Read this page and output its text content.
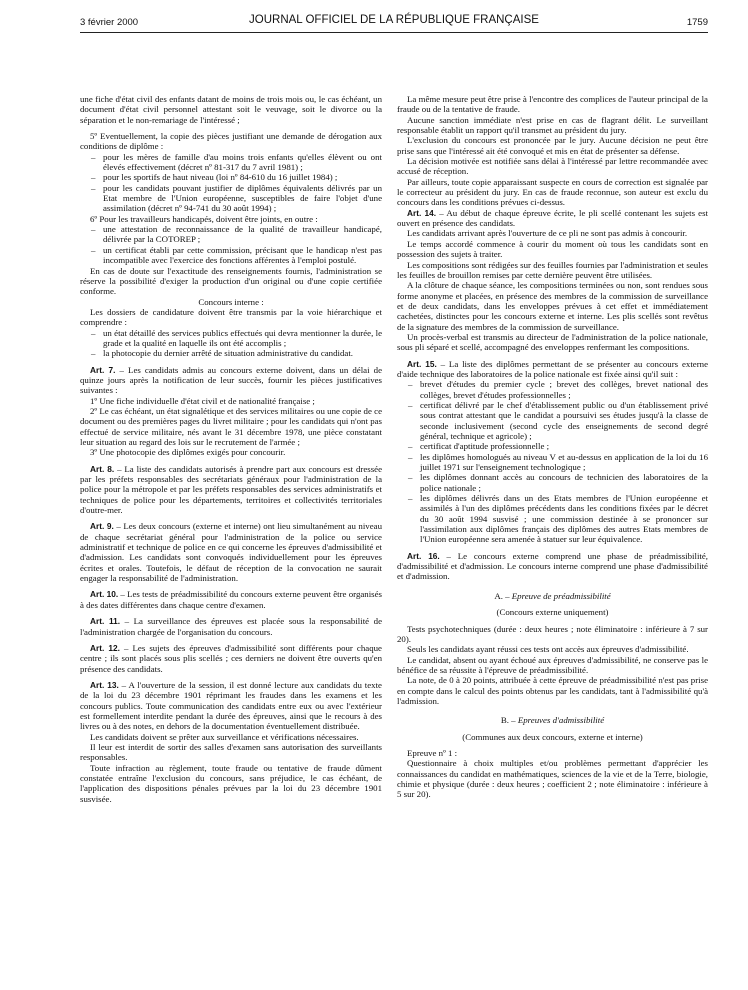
3 février 2000	JOURNAL OFFICIEL DE LA RÉPUBLIQUE FRANÇAISE	1759

une fiche d'état civil des enfants datant de moins de trois mois ou, le cas échéant, un document d'état civil personnel attestant soit le veuvage, soit le divorce ou la séparation et le non-remariage de l'intéressé ;

5º Eventuellement, la copie des pièces justifiant une demande de dérogation aux conditions de diplôme :

– pour les mères de famille d'au moins trois enfants qu'elles élèvent ou ont élevés effectivement (décret nº 81-317 du 7 avril 1981) ;

– pour les sportifs de haut niveau (loi nº 84-610 du 16 juillet 1984) ;

– pour les candidats pouvant justifier de diplômes équivalents délivrés par un Etat membre de l'Union européenne, susceptibles de faire l'objet d'une assimilation (décret nº 94-741 du 30 août 1994) ;

6º Pour les travailleurs handicapés, doivent être joints, en outre :

– une attestation de reconnaissance de la qualité de travailleur handicapé, délivrée par la COTOREP ;

– un certificat établi par cette commission, précisant que le handicap n'est pas incompatible avec l'exercice des fonctions afférentes à l'emploi postulé.

En cas de doute sur l'exactitude des renseignements fournis, l'administration se réserve la possibilité d'exiger la production d'un original ou d'une copie certifiée conforme.

Concours interne :

Les dossiers de candidature doivent être transmis par la voie hiérarchique et comprendre :

– un état détaillé des services publics effectués qui devra mentionner la durée, le grade et la qualité en laquelle ils ont été accomplis ;

– la photocopie du dernier arrêté de situation administrative du candidat.

Art. 7. – Les candidats admis au concours externe doivent, dans un délai de quinze jours après la notification de leur succès, fournir les pièces justificatives suivantes :

1º Une fiche individuelle d'état civil et de nationalité française ;

2º Le cas échéant, un état signalétique et des services militaires ou une copie de ce document ou des premières pages du livret militaire ; pour les candidats qui n'ont pas effectué de service militaire, nés avant le 31 décembre 1978, une pièce constatant leur situation au regard des lois sur le recrutement de l'armée ;

3º Une photocopie des diplômes exigés pour concourir.

Art. 8. – La liste des candidats autorisés à prendre part aux concours est dressée par les préfets responsables des secrétariats généraux pour l'administration de la police pour la métropole et par les préfets responsables des services administratifs et techniques de police pour les départements, territoires et collectivités territoriales d'outre-mer.

Art. 9. – Les deux concours (externe et interne) ont lieu simultanément au niveau de chaque secrétariat général pour l'administration de la police ou service administratif et technique de police en ce qui concerne les épreuves d'admissibilité et d'admission. Les candidats sont convoqués individuellement pour les épreuves écrites et orales. Toutefois, le défaut de réception de la convocation ne saurait engager la responsabilité de l'administration.

Art. 10. – Les tests de préadmissibilité du concours externe peuvent être organisés à des dates différentes dans chaque centre d'examen.

Art. 11. – La surveillance des épreuves est placée sous la responsabilité de l'administration chargée de l'organisation du concours.

Art. 12. – Les sujets des épreuves d'admissibilité sont différents pour chaque centre ; ils sont placés sous plis scellés ; ces derniers ne doivent être ouverts qu'en présence des candidats.

Art. 13. – A l'ouverture de la session, il est donné lecture aux candidats du texte de la loi du 23 décembre 1901 réprimant les fraudes dans les examens et les concours publics. Toute communication des candidats entre eux ou avec l'extérieur est formellement interdite pendant la durée des épreuves, ainsi que le recours à des livres ou à des notes, en dehors de la documentation éventuellement distribuée.

Les candidats doivent se prêter aux surveillance et vérifications nécessaires.

Il leur est interdit de sortir des salles d'examen sans autorisation des surveillants responsables.

Toute infraction au règlement, toute fraude ou tentative de fraude dûment constatée entraîne l'exclusion du concours, sans préjudice, le cas échéant, de l'application des dispositions pénales prévues par la loi du 23 décembre 1901 susvisée.

La même mesure peut être prise à l'encontre des complices de l'auteur principal de la fraude ou de la tentative de fraude.

Aucune sanction immédiate n'est prise en cas de flagrant délit. Le surveillant responsable établit un rapport qu'il transmet au président du jury.

L'exclusion du concours est prononcée par le jury. Aucune décision ne peut être prise sans que l'intéressé ait été convoqué et mis en état de présenter sa défense.

La décision motivée est notifiée sans délai à l'intéressé par lettre recommandée avec accusé de réception.

Par ailleurs, toute copie apparaissant suspecte en cours de correction est signalée par le correcteur au président du jury. En cas de fraude reconnue, son auteur est exclu du concours dans les conditions prévues ci-dessus.

Art. 14. – Au début de chaque épreuve écrite, le pli scellé contenant les sujets est ouvert en présence des candidats.

Les candidats arrivant après l'ouverture de ce pli ne sont pas admis à concourir.

Le temps accordé commence à courir du moment où tous les candidats sont en possession des sujets à traiter.

Les compositions sont rédigées sur des feuilles fournies par l'administration et seules les feuilles de brouillon remises par cette dernière peuvent être utilisées.

A la clôture de chaque séance, les compositions terminées ou non, sont rendues sous forme anonyme et placées, en présence des membres de la commission de surveillance et de deux candidats, dans les enveloppes prévues à cet effet et immédiatement cachetées, distinctes pour les concours externe et interne. Les plis scellés sont revêtus de la signature des membres de la commission de surveillance.

Un procès-verbal est transmis au directeur de l'administration de la police nationale, sous pli séparé et scellé, accompagné des enveloppes renfermant les compositions.

Art. 15. – La liste des diplômes permettant de se présenter au concours externe d'aide technique des laboratoires de la police nationale est fixée ainsi qu'il suit :

– brevet d'études du premier cycle ; brevet des collèges, brevet national des collèges, brevet d'études professionnelles ;

– certificat délivré par le chef d'établissement public ou d'un établissement privé sous contrat attestant que le candidat a poursuivi ses études jusqu'à la classe de seconde inclusivement (second cycle des enseignements de second degré général, technique et agricole) ;

– certificat d'aptitude professionnelle ;

– les diplômes homologués au niveau V et au-dessus en application de la loi du 16 juillet 1971 sur l'enseignement technologique ;

– les diplômes donnant accès au concours de technicien des laboratoires de la police nationale ;

– les diplômes délivrés dans un des Etats membres de l'Union européenne et assimilés à l'un des diplômes précédents dans les conditions fixées par le décret du 30 août 1994 susvisé ; une commission destinée à se prononcer sur l'assimilation aux diplômes français des diplômes des autres Etats membres de l'Union européenne sera amenée à statuer sur leur équivalence.

Art. 16. – Le concours externe comprend une phase de préadmissibilité, d'admissibilité et d'admission. Le concours interne comprend une phase d'admissibilité et d'admission.

A. – Epreuve de préadmissibilité

(Concours externe uniquement)

Tests psychotechniques (durée : deux heures ; note éliminatoire : inférieure à 7 sur 20).

Seuls les candidats ayant réussi ces tests ont accès aux épreuves d'admissibilité.

Le candidat, absent ou ayant échoué aux épreuves d'admissibilité, ne conserve pas le bénéfice de sa réussite à l'épreuve de préadmissibilité.

La note, de 0 à 20 points, attribuée à cette épreuve de préadmissibilité n'est pas prise en compte dans le calcul des points obtenus par les candidats, tant à l'admissibilité qu'à l'admission.

B. – Epreuves d'admissibilité

(Communes aux deux concours, externe et interne)

Epreuve nº 1 :

Questionnaire à choix multiples et/ou problèmes permettant d'apprécier les connaissances du candidat en mathématiques, sciences de la vie et de la Terre, biologie, chimie et physique (durée : deux heures ; coefficient 2 ; note éliminatoire : inférieure à 5 sur 20).
